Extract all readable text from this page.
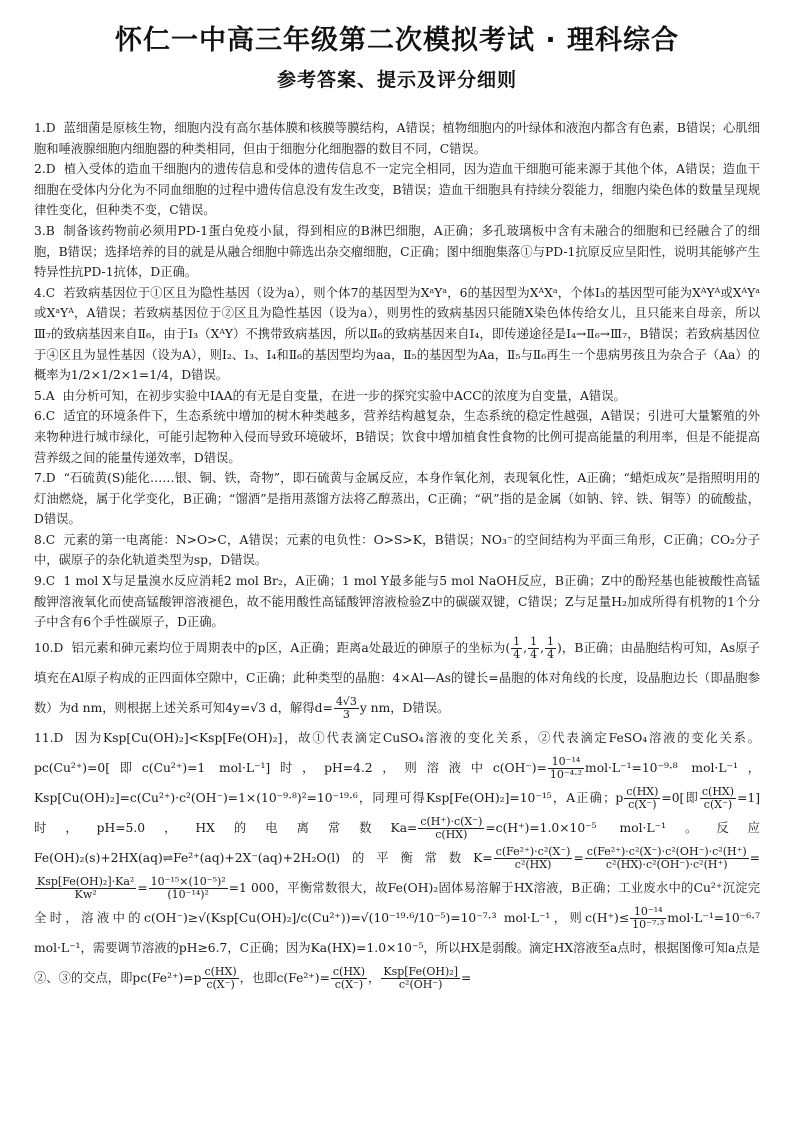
怀仁一中高三年级第二次模拟考试 · 理科综合
参考答案、提示及评分细则

1.D 蓝细菌是原核生物，细胞内没有高尔基体膜和核膜等膜结构，A错误；植物细胞内的叶绿体和液泡内都含有色素，B错误；心肌细胞和唾液腺细胞内细胞器的种类相同，但由于细胞分化细胞器的数目不同，C错误。

2.D 植入受体的造血干细胞内的遗传信息和受体的遗传信息不一定完全相同，因为造血干细胞可能来源于其他个体，A错误；造血干细胞在受体内分化为不同血细胞的过程中遗传信息没有发生改变，B错误；造血干细胞具有持续分裂能力，细胞内染色体的数量呈现规律性变化，但种类不变，C错误。

3.B 制备该药物前必须用PD-1蛋白免疫小鼠，得到相应的B淋巴细胞，A正确；多孔玻璃板中含有未融合的细胞和已经融合了的细胞，B错误；选择培养的目的就是从融合细胞中筛选出杂交瘤细胞，C正确；图中细胞集落①与PD-1抗原反应呈阳性，说明其能够产生特异性抗PD-1抗体，D正确。

4.C 若致病基因位于①区且为隐性基因（设为a），则个体7的基因型为XᵃYᵃ，6的基因型为XᴬXᵃ，个体Ⅰ₃的基因型可能为XᴬYᴬ或XᴬYᵃ或XᵃYᴬ，A错误；若致病基因位于②区且为隐性基因（设为a），则男性的致病基因只能随X染色体传给女儿，且只能来自母亲，所以Ⅲ₇的致病基因来自Ⅱ₆，由于Ⅰ₃（XᴬY）不携带致病基因，所以Ⅱ₆的致病基因来自Ⅰ₄，即传递途径是Ⅰ₄→Ⅱ₆→Ⅲ₇，B错误；若致病基因位于④区且为显性基因（设为A），则Ⅰ₂、Ⅰ₃、Ⅰ₄和Ⅱ₆的基因型均为aa，Ⅱ₅的基因型为Aa，Ⅱ₅与Ⅱ₆再生一个患病男孩且为杂合子（Aa）的概率为1/2×1/2×1=1/4，D错误。

5.A 由分析可知，在初步实验中IAA的有无是自变量，在进一步的探究实验中ACC的浓度为自变量，A错误。

6.C 适宜的环境条件下，生态系统中增加的树木种类越多，营养结构越复杂，生态系统的稳定性越强，A错误；引进可大量繁殖的外来物种进行城市绿化，可能引起物种入侵而导致环境破坏，B错误；饮食中增加植食性食物的比例可提高能量的利用率，但是不能提高营养级之间的能量传递效率，D错误。

7.D “石硫黄(S)能化……银、铜、铁，奇物”，即石硫黄与金属反应，本身作氧化剂，表现氧化性，A正确；“蜡炬成灰”是指照明用的灯油燃烧，属于化学变化，B正确；“馏酒”是指用蒸馏方法将乙醇蒸出，C正确；“矾”指的是金属（如钠、锌、铁、铜等）的硫酸盐，D错误。

8.C 元素的第一电离能：N>O>C，A错误；元素的电负性：O>S>K，B错误；NO₃⁻的空间结构为平面三角形，C正确；CO₂分子中，碳原子的杂化轨道类型为sp，D错误。

9.C 1 mol X与足量溴水反应消耗2 mol Br₂，A正确；1 mol Y最多能与5 mol NaOH反应，B正确；Z中的酚羟基也能被酸性高锰酸钾溶液氧化而使高锰酸钾溶液褪色，故不能用酸性高锰酸钾溶液检验Z中的碳碳双键，C错误；Z与足量H₂加成所得有机物的1个分子中含有6个手性碳原子，D正确。

10.D 铝元素和砷元素均位于周期表中的p区，A正确；距离a处最近的砷原子的坐标为( $\frac{1}{4}$ , $\frac{1}{4}$ , $\frac{1}{4}$ )，B正确；由晶胞结构可知，As原子填充在Al原子构成的正四面体空隙中，C正确；此种类型的晶胞：4×Al—As的键长=晶胞的体对角线的长度，设晶胞边长（即晶胞参数）为d nm，则根据上述关系可知4y=√3 d，解得$d= \frac{4√3}{3}$ y nm，D错误。

11.D 因为Ksp[Cu(OH)₂]<Ksp[Fe(OH)₂]，故①代表滴定CuSO₄溶液的变化关系，②代表滴定FeSO₄溶液的变化关系。pc(Cu²⁺)=0[即c(Cu²⁺)=1 mol·L⁻¹]时，pH=4.2，则溶液中$c(OH^-)= \frac{\text{10⁻¹⁴}}{\text{10⁻⁴·²}} mol\cdot L^{-1}=10^{-9}\cdot^8$ mol·L⁻¹，Ksp[Cu(OH)₂]=c(Cu²⁺)·c²(OH⁻)=1×(10⁻⁹·⁸)²=10⁻¹⁹·⁶，同理可得Ksp[Fe(OH)₂]=10⁻¹⁵，A正确；p $\frac{c(HX)}{c(X^-)} =0$[即 $\frac{c(HX)}{c(X^-)} =1$]时，pH=5.0，HX的电离常数$Ka= \frac{c(H^+)\cdot c(X^-)}{c(HX)} =c(H^+)=1.0\times 10^{-5}$ mol·L⁻¹。反应Fe(OH)₂(s)+2HX(aq)⇌Fe²⁺(aq)+2X⁻(aq)+2H₂O(l)的平衡常数$K= \frac{\text{c(Fe²⁺)·c²(X⁻)}}{\text{c²(HX)}} = \frac{\text{c(Fe²⁺)·c²(X⁻)·c²(OH⁻)·c²(H⁺)}}{\text{c²(HX)·c²(OH⁻)·c²(H⁺)}}$ =
$\frac{\text{Ksp[Fe(OH)₂]·Ka²}}{\text{Kw²}} = \frac{\text{10⁻¹⁵×(10⁻⁵)²}}{\text{(10⁻¹⁴)²}} =1$ 000，平衡常数很大，故Fe(OH)₂固体易溶解于HX溶液，B正确；工业废水中的Cu²⁺沉淀完全时，溶液中的c(OH⁻)≥√(Ksp[Cu(OH)₂]/c(Cu²⁺))=√(10⁻¹⁹·⁶/10⁻⁵)=10⁻⁷·³ mol·L⁻¹，则$c(H^+)\le \frac{\text{10⁻¹⁴}}{\text{10⁻⁷·³}} mol\cdot L^{-1}=10^{-6}\cdot^7$ mol·L⁻¹，需要调节溶液的pH≥6.7，C正确；因为Ka(HX)=1.0×10⁻⁵，所以HX是弱酸。滴定HX溶液至a点时，根据图像可知a点是②、③的交点，即$pc(Fe^{2+})=p \frac{c(HX)}{c(X^-)}$ ，也即$c(Fe^{2+})= \frac{c(HX)}{c(X^-)}$ ， $\frac{\text{Ksp[Fe(OH)₂]}}{\text{c²(OH⁻)}}$ =
